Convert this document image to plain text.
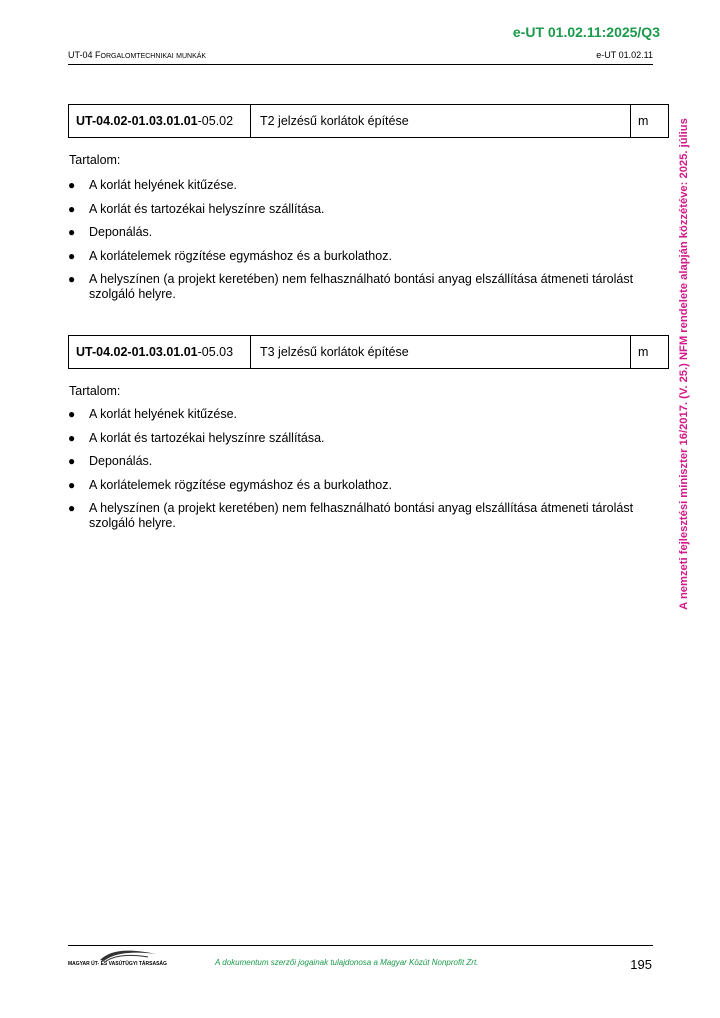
e-UT 01.02.11:2025/Q3
UT-04 FORGALOMTECHNIKAI MUNKÁK	e-UT 01.02.11
UT-04.02-01.03.01.01 -05.02	T2 jelzésű korlátok építése	m
Tartalom:
● A korlát helyének kitűzése.
● A korlát és tartozékai helyszínre szállítása.
● Deponálás.
● A korlátelemek rögzítése egymáshoz és a burkolathoz.
● A helyszínen (a projekt keretében) nem felhasználható bontási anyag elszállítása átmeneti tárolást szolgáló helyre.
UT-04.02-01.03.01.01 -05.03	T3 jelzésű korlátok építése	m
Tartalom:
● A korlát helyének kitűzése.
● A korlát és tartozékai helyszínre szállítása.
● Deponálás.
● A korlátelemek rögzítése egymáshoz és a burkolathoz.
● A helyszínen (a projekt keretében) nem felhasználható bontási anyag elszállítása átmeneti tárolást szolgáló helyre.	A nemzeti fejlesztési miniszter 16/2017. (V. 25.) NFM rendelete alapján közzétéve: 2025. július
MAGYAR ÚT- ÉS VASÚTÜGYI TÁRSASÁG	A dokumentum szerzői jogainak tulajdonosa a Magyar Közút Nonprofit Zrt.	195
